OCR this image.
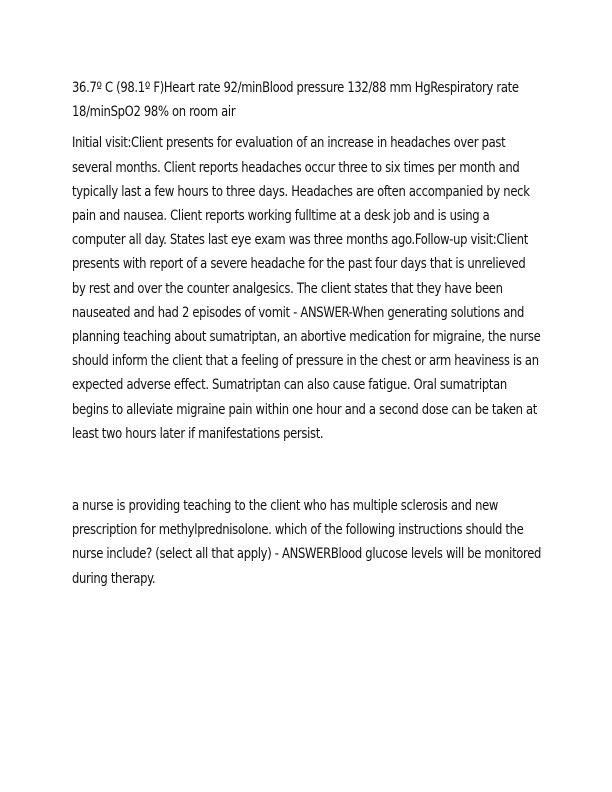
36.7º C (98.1º F)Heart rate 92/minBlood pressure 132/88 mm HgRespiratory rate 18/minSpO2 98% on room air

Initial visit:Client presents for evaluation of an increase in headaches over past several months. Client reports headaches occur three to six times per month and typically last a few hours to three days. Headaches are often accompanied by neck pain and nausea. Client reports working fulltime at a desk job and is using a computer all day. States last eye exam was three months ago.Follow-up visit:Client presents with report of a severe headache for the past four days that is unrelieved by rest and over the counter analgesics. The client states that they have been nauseated and had 2 episodes of vomit - ANSWER-When generating solutions and planning teaching about sumatriptan, an abortive medication for migraine, the nurse should inform the client that a feeling of pressure in the chest or arm heaviness is an expected adverse effect. Sumatriptan can also cause fatigue. Oral sumatriptan begins to alleviate migraine pain within one hour and a second dose can be taken at least two hours later if manifestations persist.

a nurse is providing teaching to the client who has multiple sclerosis and new prescription for methylprednisolone. which of the following instructions should the nurse include? (select all that apply) - ANSWERBlood glucose levels will be monitored during therapy.
